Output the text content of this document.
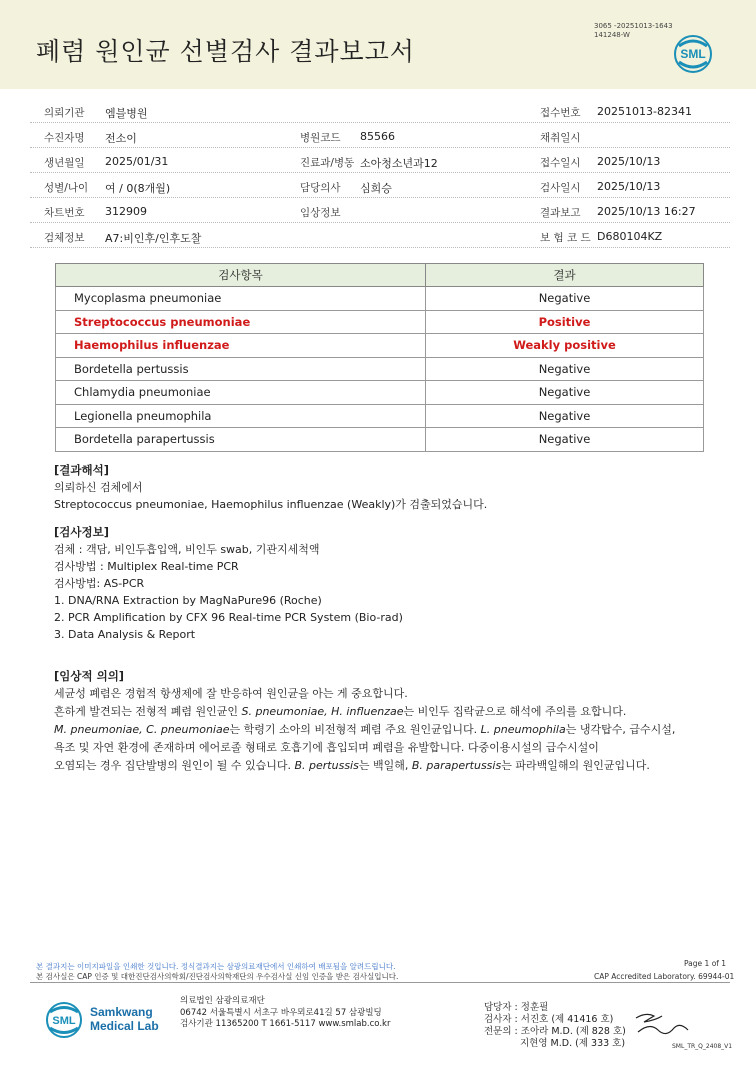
폐렴 원인균 선별검사 결과보고서
3065 -20251013-1643
141248-W
SML
의뢰기관 엠블병원	접수번호 20251013-82341
수진자명 전소이	병원코드 85566	채취일시
생년월일 2025/01/31	진료과/병동 소아청소년과12	접수일시 2025/10/13
성별/나이 여 / 0(8개월)	담당의사 심희승	검사일시 2025/10/13
차트번호 312909	임상정보	결과보고 2025/10/13 16:27
검체정보 A7:비인후/인후도찰	보 험 코 드 D680104KZ
검사항목	결과
Mycoplasma pneumoniae	Negative
Streptococcus pneumoniae	Positive
Haemophilus influenzae	Weakly positive
Bordetella pertussis	Negative
Chlamydia pneumoniae	Negative
Legionella pneumophila	Negative
Bordetella parapertussis	Negative
[결과해석]
의뢰하신 검체에서
Streptococcus pneumoniae, Haemophilus influenzae (Weakly)가 검출되었습니다.
[검사정보]
검체 : 객담, 비인두흡입액, 비인두 swab, 기관지세척액
검사방법 : Multiplex Real-time PCR
검사방법: AS-PCR
1. DNA/RNA Extraction by MagNaPure96 (Roche)
2. PCR Amplification by CFX 96 Real-time PCR System (Bio-rad)
3. Data Analysis & Report
[임상적 의의]
세균성 폐렴은 경험적 항생제에 잘 반응하여 원인균을 아는 게 중요합니다.
흔하게 발견되는 전형적 폐렴 원인균인 S. pneumoniae, H. influenzae는 비인두 집락균으로 해석에 주의를 요합니다.
M. pneumoniae, C. pneumoniae는 학령기 소아의 비전형적 폐렴 주요 원인균입니다. L. pneumophila는 냉각탑수, 급수시설,
욕조 및 자연 환경에 존재하며 에어로졸 형태로 호흡기에 흡입되며 폐렴을 유발합니다. 다중이용시설의 급수시설이
오염되는 경우 집단발병의 원인이 될 수 있습니다. B. pertussis는 백일해, B. parapertussis는 파라백일해의 원인균입니다.
본 결과지는 이미지파일을 인쇄한 것입니다. 정식결과지는 삼광의료재단에서 인쇄하여 배포됨을 알려드립니다.
본 검사실은 CAP 인증 및 대한진단검사의학회/진단검사의학재단의 우수검사실 신임 인증을 받은 검사실입니다.
Page 1 of 1
CAP Accredited Laboratory. 69944-01
SML
Samkwang
Medical Lab
의료법인 삼광의료재단
06742 서울특별시 서초구 바우뫼로41길 57 삼광빌딩
검사기관 11365200 T 1661-5117 www.smlab.co.kr
담당자 : 정훈필
검사자 : 서진호 (제 41416 호)
전문의 : 조아라 M.D. (제 828 호)
지현영 M.D. (제 333 호)	SML_TR_Q_2408_V1
